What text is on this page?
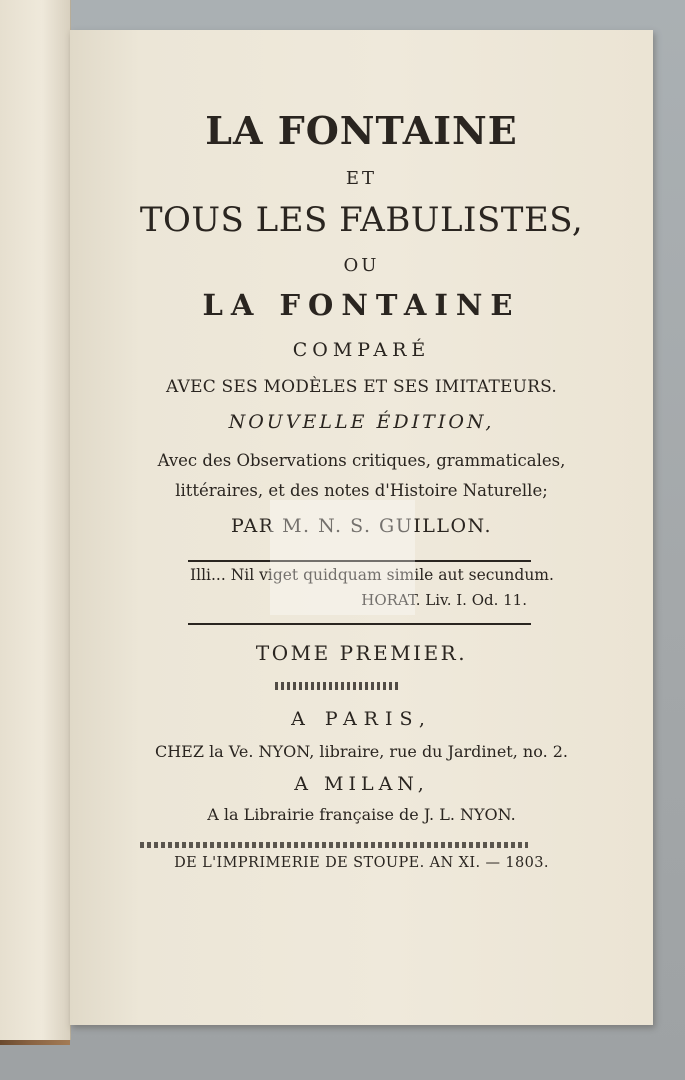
LA FONTAINE
ET
TOUS LES FABULISTES,
OU
LA FONTAINE
COMPARÉ
AVEC SES MODÈLES ET SES IMITATEURS.
NOUVELLE ÉDITION,
Avec des Observations critiques, grammaticales,
littéraires, et des notes d'Histoire Naturelle;
PAR M. N. S. GUILLON.
Illi... Nil viget quidquam simile aut secundum.
HORAT. Liv. I. Od. 11.
TOME PREMIER.
A PARIS,
CHEZ la Ve. NYON, libraire, rue du Jardinet, no. 2.
A MILAN,
A la Librairie française de J. L. NYON.
DE L'IMPRIMERIE DE STOUPE. AN XI. — 1803.
